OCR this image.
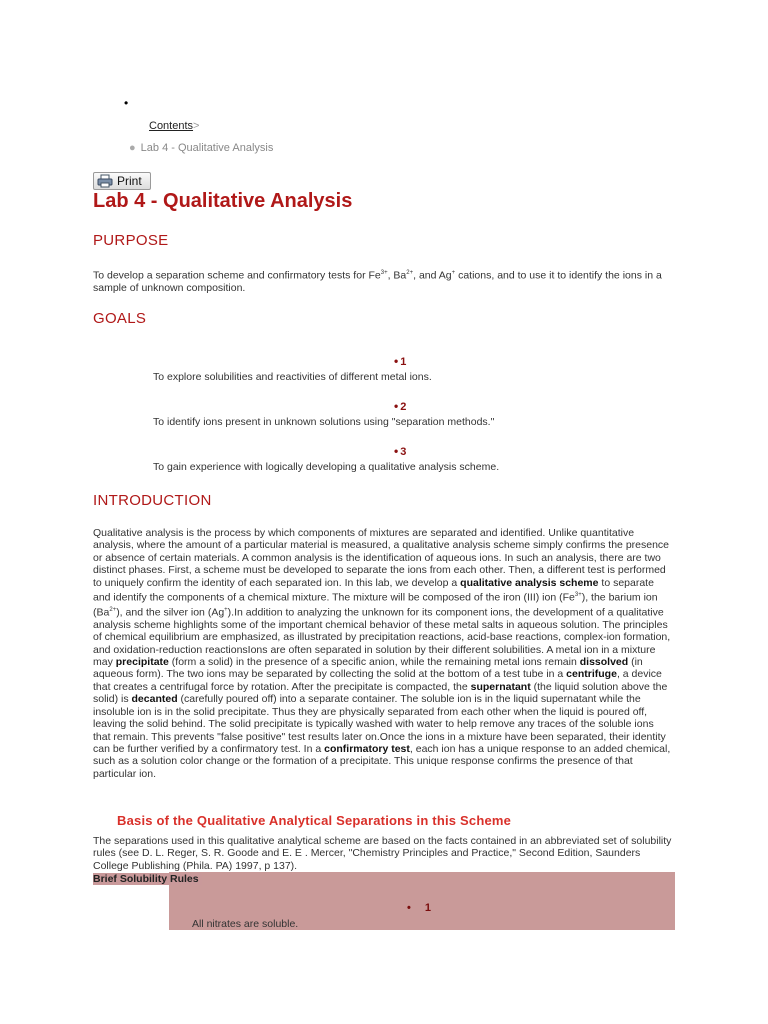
•
Contents>
● Lab 4 - Qualitative Analysis
Print
Lab 4 - Qualitative Analysis
PURPOSE
To develop a separation scheme and confirmatory tests for $Fe^{3+}$, $Ba^{2+}$, and Ag+ cations, and to use it to identify the ions in a sample of unknown composition.
GOALS
• 1
To explore solubilities and reactivities of different metal ions.
• 2
To identify ions present in unknown solutions using "separation methods."
• 3
To gain experience with logically developing a qualitative analysis scheme.
INTRODUCTION
Qualitative analysis is the process by which components of mixtures are separated and identified. Unlike quantitative analysis, where the amount of a particular material is measured, a qualitative analysis scheme simply confirms the presence or absence of certain materials. A common analysis is the identification of aqueous ions. In such an analysis, there are two distinct phases. First, a scheme must be developed to separate the ions from each other. Then, a different test is performed to uniquely confirm the identity of each separated ion. In this lab, we develop a qualitative analysis scheme to separate and identify the components of a chemical mixture. The mixture will be composed of the iron (III) ion $(Fe^{3+})$, the barium ion $(Ba^{2+})$, and the silver ion (Ag+).In addition to analyzing the unknown for its component ions, the development of a qualitative analysis scheme highlights some of the important chemical behavior of these metal salts in aqueous solution. The principles of chemical equilibrium are emphasized, as illustrated by precipitation reactions, acid-base reactions, complex-ion formation, and oxidation-reduction reactionsIons are often separated in solution by their different solubilities. A metal ion in a mixture may precipitate (form a solid) in the presence of a specific anion, while the remaining metal ions remain dissolved (in aqueous form). The two ions may be separated by collecting the solid at the bottom of a test tube in a centrifuge, a device that creates a centrifugal force by rotation. After the precipitate is compacted, the supernatant (the liquid solution above the solid) is decanted (carefully poured off) into a separate container. The soluble ion is in the liquid supernatant while the insoluble ion is in the solid precipitate. Thus they are physically separated from each other when the liquid is poured off, leaving the solid behind. The solid precipitate is typically washed with water to help remove any traces of the soluble ions that remain. This prevents "false positive" test results later on.Once the ions in a mixture have been separated, their identity can be further verified by a confirmatory test. In a confirmatory test, each ion has a unique response to an added chemical, such as a solution color change or the formation of a precipitate. This unique response confirms the presence of that particular ion.
Basis of the Qualitative Analytical Separations in this Scheme
The separations used in this qualitative analytical scheme are based on the facts contained in an abbreviated set of solubility rules (see D. L. Reger, S. R. Goode and E. E . Mercer, "Chemistry Principles and Practice," Second Edition, Saunders College Publishing (Phila. PA) 1997, p 137).
Brief Solubility Rules
• 1
All nitrates are soluble.
